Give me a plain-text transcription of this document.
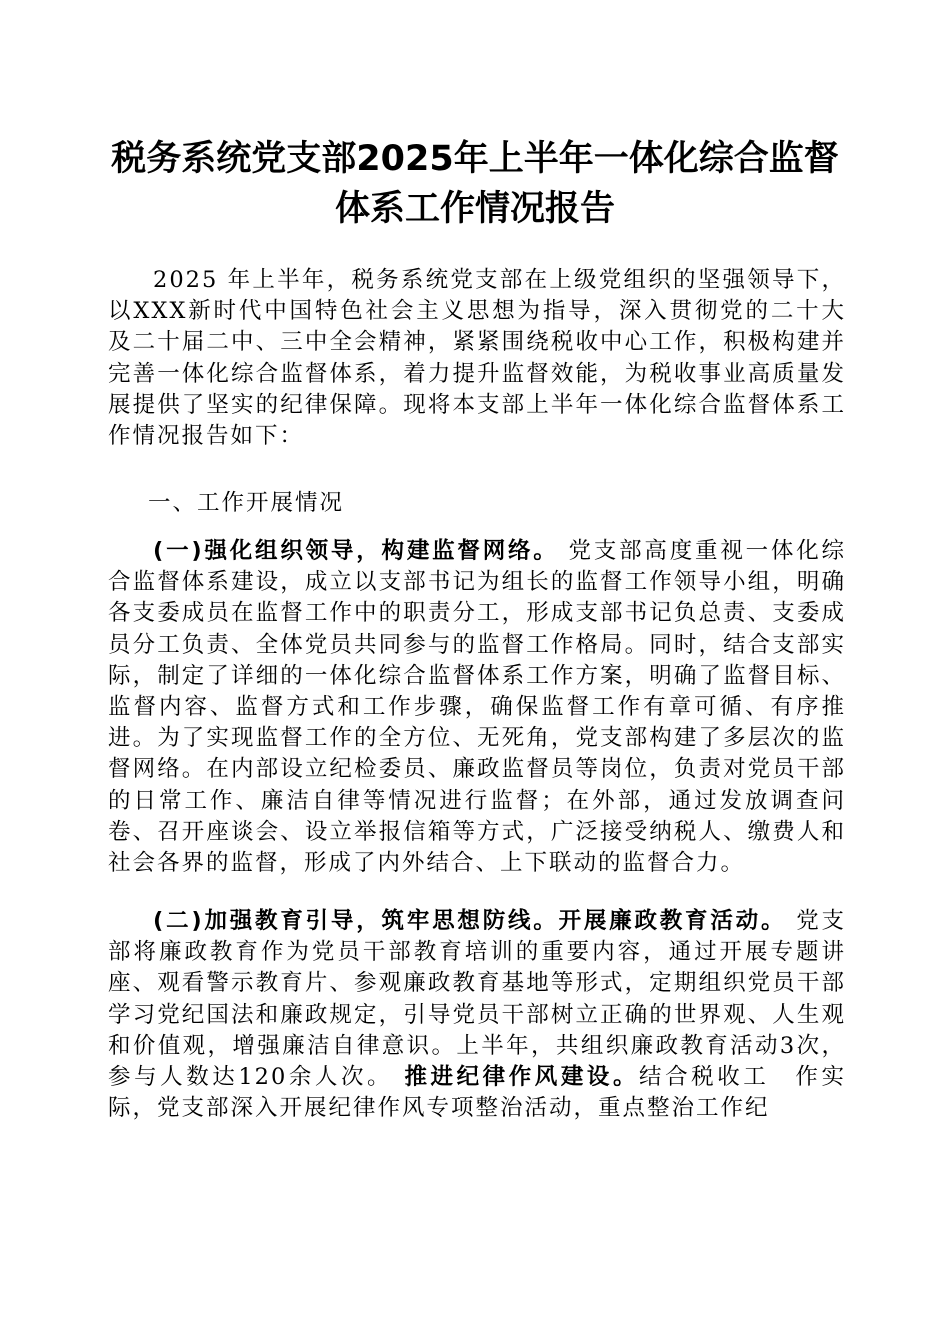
税务系统党支部2025年上半年一体化综合监督
体系工作情况报告

2025 年上半年，税务系统党支部在上级党组织的坚强领导下，以XXX新时代中国特色社会主义思想为指导，深入贯彻党的二十大及二十届二中、三中全会精神，紧紧围绕税收中心工作，积极构建并完善一体化综合监督体系，着力提升监督效能，为税收事业高质量发展提供了坚实的纪律保障。现将本支部上半年一体化综合监督体系工作情况报告如下：

一、工作开展情况

(一)强化组织领导，构建监督网络。 党支部高度重视一体化综合监督体系建设，成立以支部书记为组长的监督工作领导小组，明确各支委成员在监督工作中的职责分工，形成支部书记负总责、支委成员分工负责、全体党员共同参与的监督工作格局。同时，结合支部实际，制定了详细的一体化综合监督体系工作方案，明确了监督目标、监督内容、监督方式和工作步骤，确保监督工作有章可循、有序推进。为了实现监督工作的全方位、无死角，党支部构建了多层次的监督网络。在内部设立纪检委员、廉政监督员等岗位，负责对党员干部的日常工作、廉洁自律等情况进行监督；在外部，通过发放调查问卷、召开座谈会、设立举报信箱等方式，广泛接受纳税人、缴费人和社会各界的监督，形成了内外结合、上下联动的监督合力。

(二)加强教育引导，筑牢思想防线。开展廉政教育活动。 党支部将廉政教育作为党员干部教育培训的重要内容，通过开展专题讲座、观看警示教育片、参观廉政教育基地等形式，定期组织党员干部学习党纪国法和廉政规定，引导党员干部树立正确的世界观、人生观和价值观，增强廉洁自律意识。上半年，共组织廉政教育活动3次，参与人数达120余人次。 推进纪律作风建设。结合税收工　作实际，党支部深入开展纪律作风专项整治活动，重点整治工作纪
